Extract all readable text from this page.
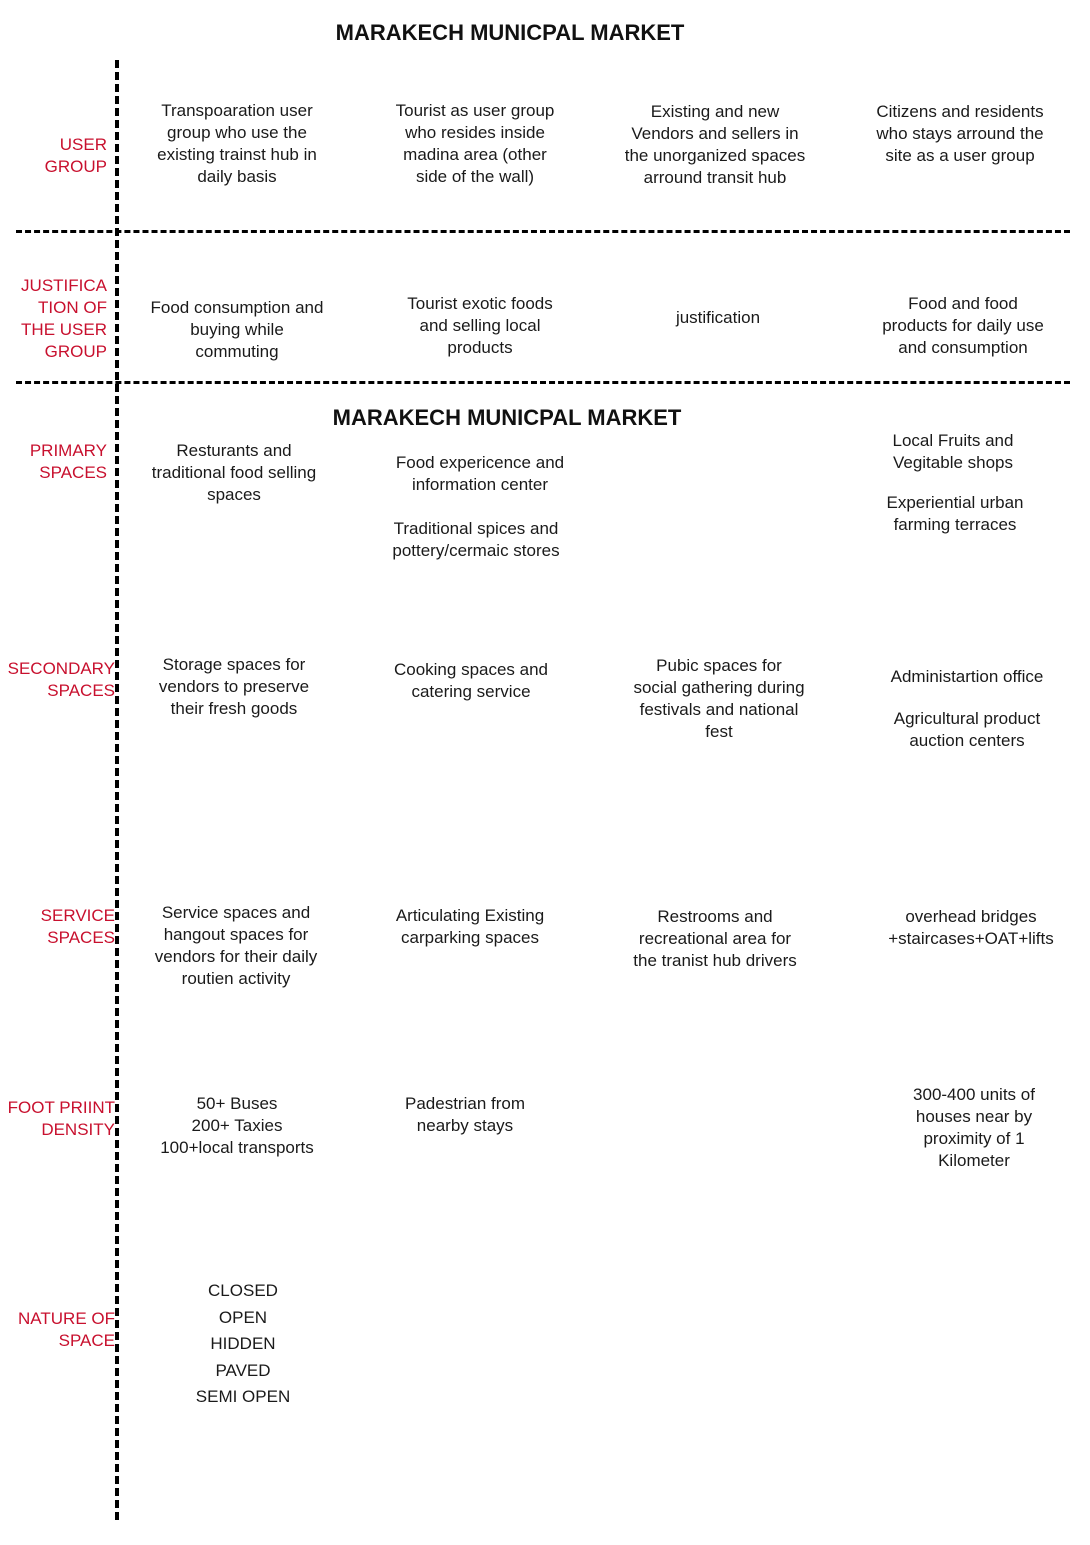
MARAKECH MUNICPAL MARKET
USER
GROUP
Transpoaration user
group who use the
existing trainst hub in
daily basis
Tourist as user group
who resides inside
madina area (other
side of the wall)
Existing and new
Vendors and sellers in
the unorganized spaces
arround transit hub
Citizens and residents
who stays arround the
site as a user group
JUSTIFICA
TION OF
THE USER
GROUP
Food consumption and
buying while
commuting
Tourist exotic foods
and selling local
products
justification
Food and food
products for daily use
and consumption
MARAKECH MUNICPAL MARKET
PRIMARY
SPACES
Resturants and
traditional food selling
spaces
Food expericence and
information center
Traditional spices and
pottery/cermaic stores
Local Fruits and
Vegitable shops
Experiential urban
farming terraces
SECONDARY
SPACES
Storage spaces for
vendors to preserve
their fresh goods
Cooking spaces and
catering service
Pubic spaces for
social gathering during
festivals and national
fest
Administartion office
Agricultural product
auction centers
SERVICE
SPACES
Service spaces and
hangout spaces for
vendors for their daily
routien activity
Articulating Existing
carparking spaces
Restrooms and
recreational area for
the tranist hub drivers
overhead bridges
+staircases+OAT+lifts
FOOT PRIINT
DENSITY
50+ Buses
200+ Taxies
100+local transports
Padestrian from
nearby stays
300-400 units of
houses near by
proximity of 1
Kilometer
NATURE OF
SPACE
CLOSED
OPEN
HIDDEN
PAVED
SEMI OPEN
